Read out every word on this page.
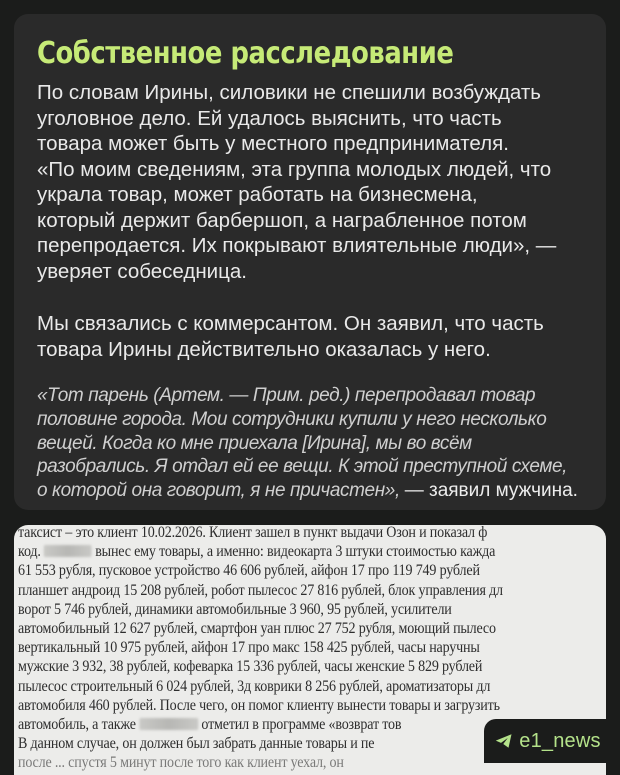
Собственное расследование

По словам Ирины, силовики не спешили возбуждать
уголовное дело. Ей удалось выяснить, что часть
товара может быть у местного предпринимателя.
«По моим сведениям, эта группа молодых людей, что
украла товар, может работать на бизнесмена,
который держит барбершоп, а награбленное потом
перепродается. Их покрывают влиятельные люди», —
уверяет собеседница.

Мы связались с коммерсантом. Он заявил, что часть
товара Ирины действительно оказалась у него.

«Тот парень (Артем. — Прим. ред.) перепродавал товар
половине города. Мои сотрудники купили у него несколько
вещей. Когда ко мне приехала [Ирина], мы во всём
разобрались. Я отдал ей ее вещи. К этой преступной схеме,
о которой она говорит, я не причастен», — заявил мужчина.

таксист – это клиент 10.02.2026. Клиент зашел в пункт выдачи Озон и показал ф
код.	вынес ему товары, а именно: видеокарта 3 штуки стоимостью кажда
61 553 рубля, пусковое устройство 46 606 рублей, айфон 17 про 119 749 рублей
планшет андроид 15 208 рублей, робот пылесос 27 816 рублей, блок управления дл
ворот 5 746 рублей, динамики автомобильные 3 960, 95 рублей, усилители
автомобильный 12 627 рублей, смартфон уан плюс 27 752 рубля, моющий пылесо
вертикальный 10 975 рублей, айфон 17 про макс 158 425 рублей, часы наручны
мужские 3 932, 38 рублей, кофеварка 15 336 рублей, часы женские 5 829 рублей
пылесос строительный 6 024 рублей, 3д коврики 8 256 рублей, ароматизаторы дл
автомобиля 460 рублей. После чего, он помог клиенту вынести товары и загрузить
автомобиль, а также	отметил в программе «возврат тов
В данном случае, он должен был забрать данные товары и пе
после ... спустя 5 минут после того как клиент уехал, он
e1_news
